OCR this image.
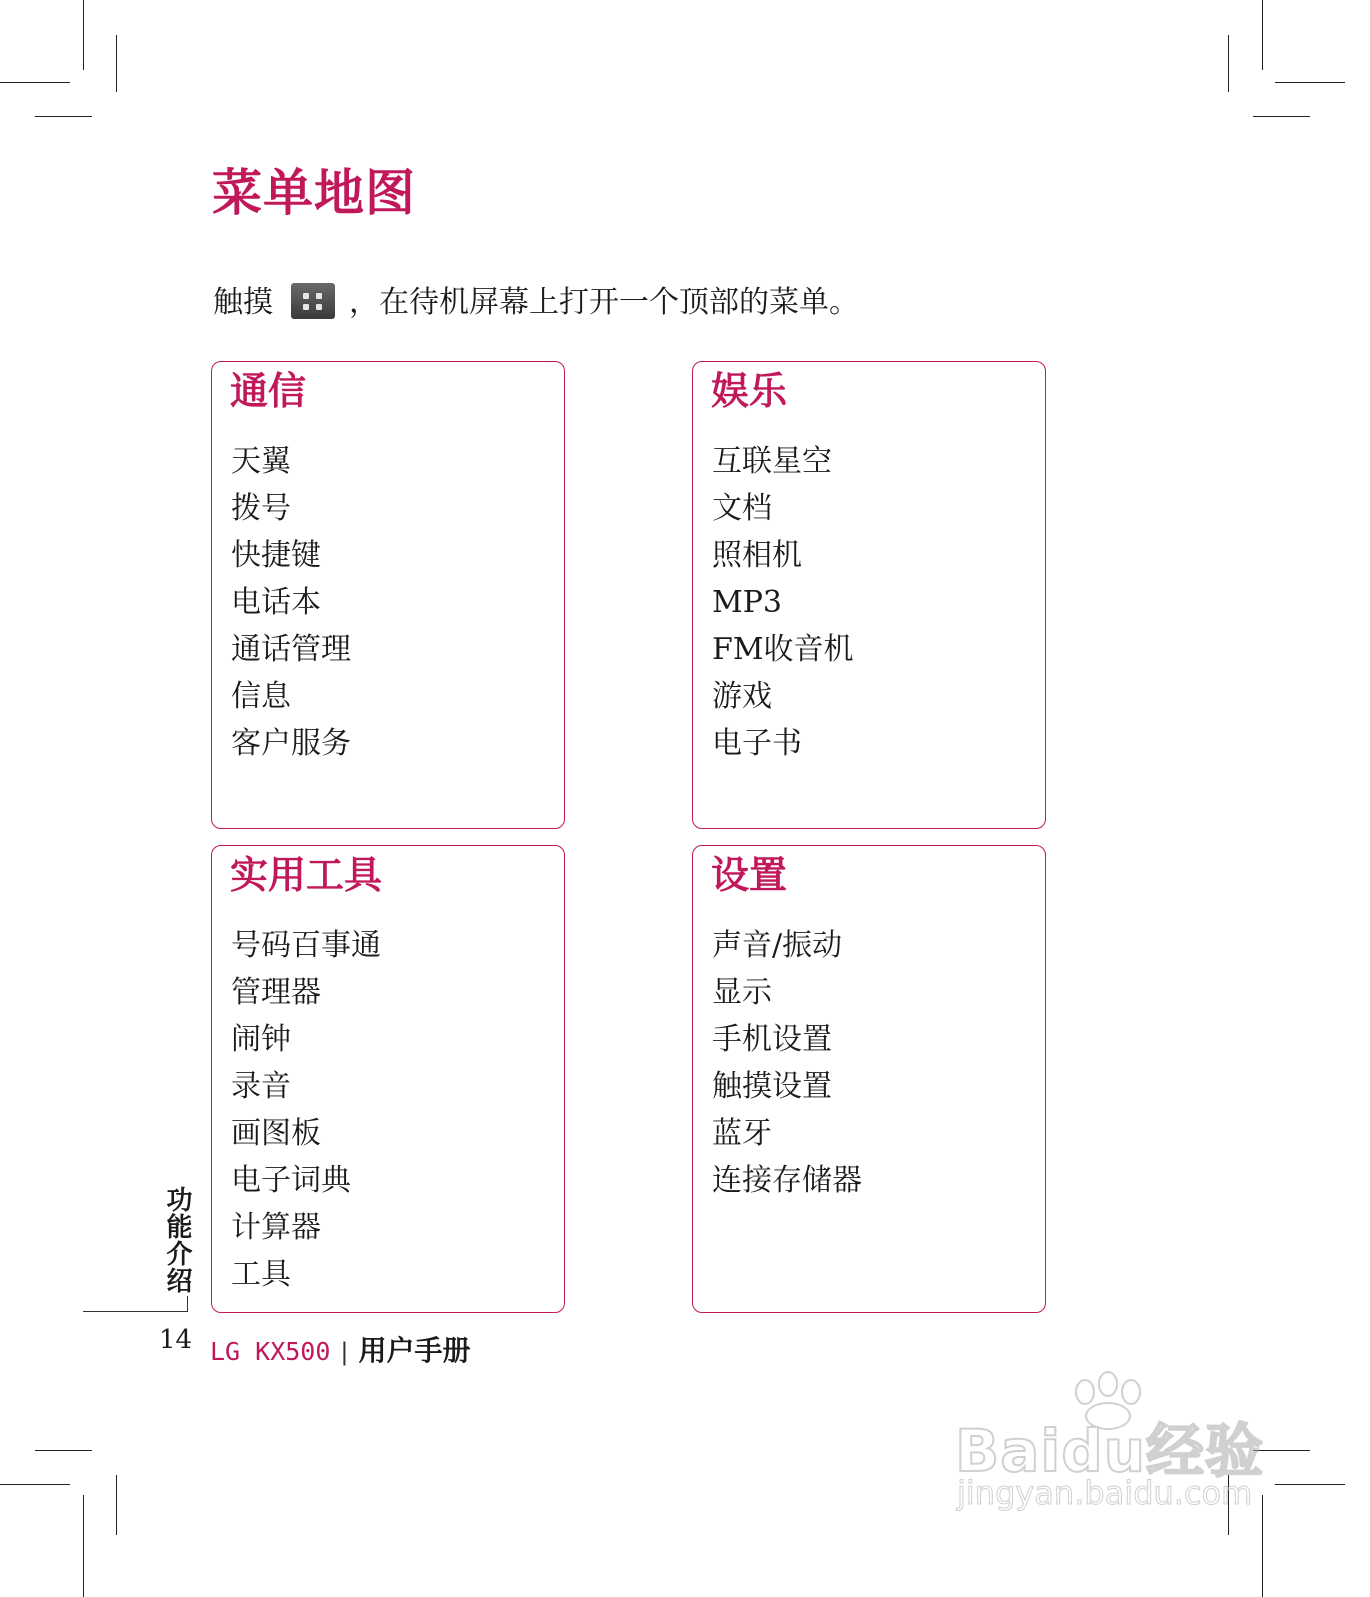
菜单地图
触摸	，在待机屏幕上打开一个顶部的菜单。
通信
天翼
拨号
快捷键
电话本
通话管理
信息
客户服务
娱乐
互联星空
文档
照相机
MP3
FM收音机
游戏
电子书
实用工具
号码百事通
管理器
闹钟
录音
画图板
电子词典
计算器
工具
设置
声音/振动
显示
手机设置
触摸设置
蓝牙
连接存储器
功能介绍
14 LG KX500 | 用户手册
Baidu经验
jingyan.baidu.com
